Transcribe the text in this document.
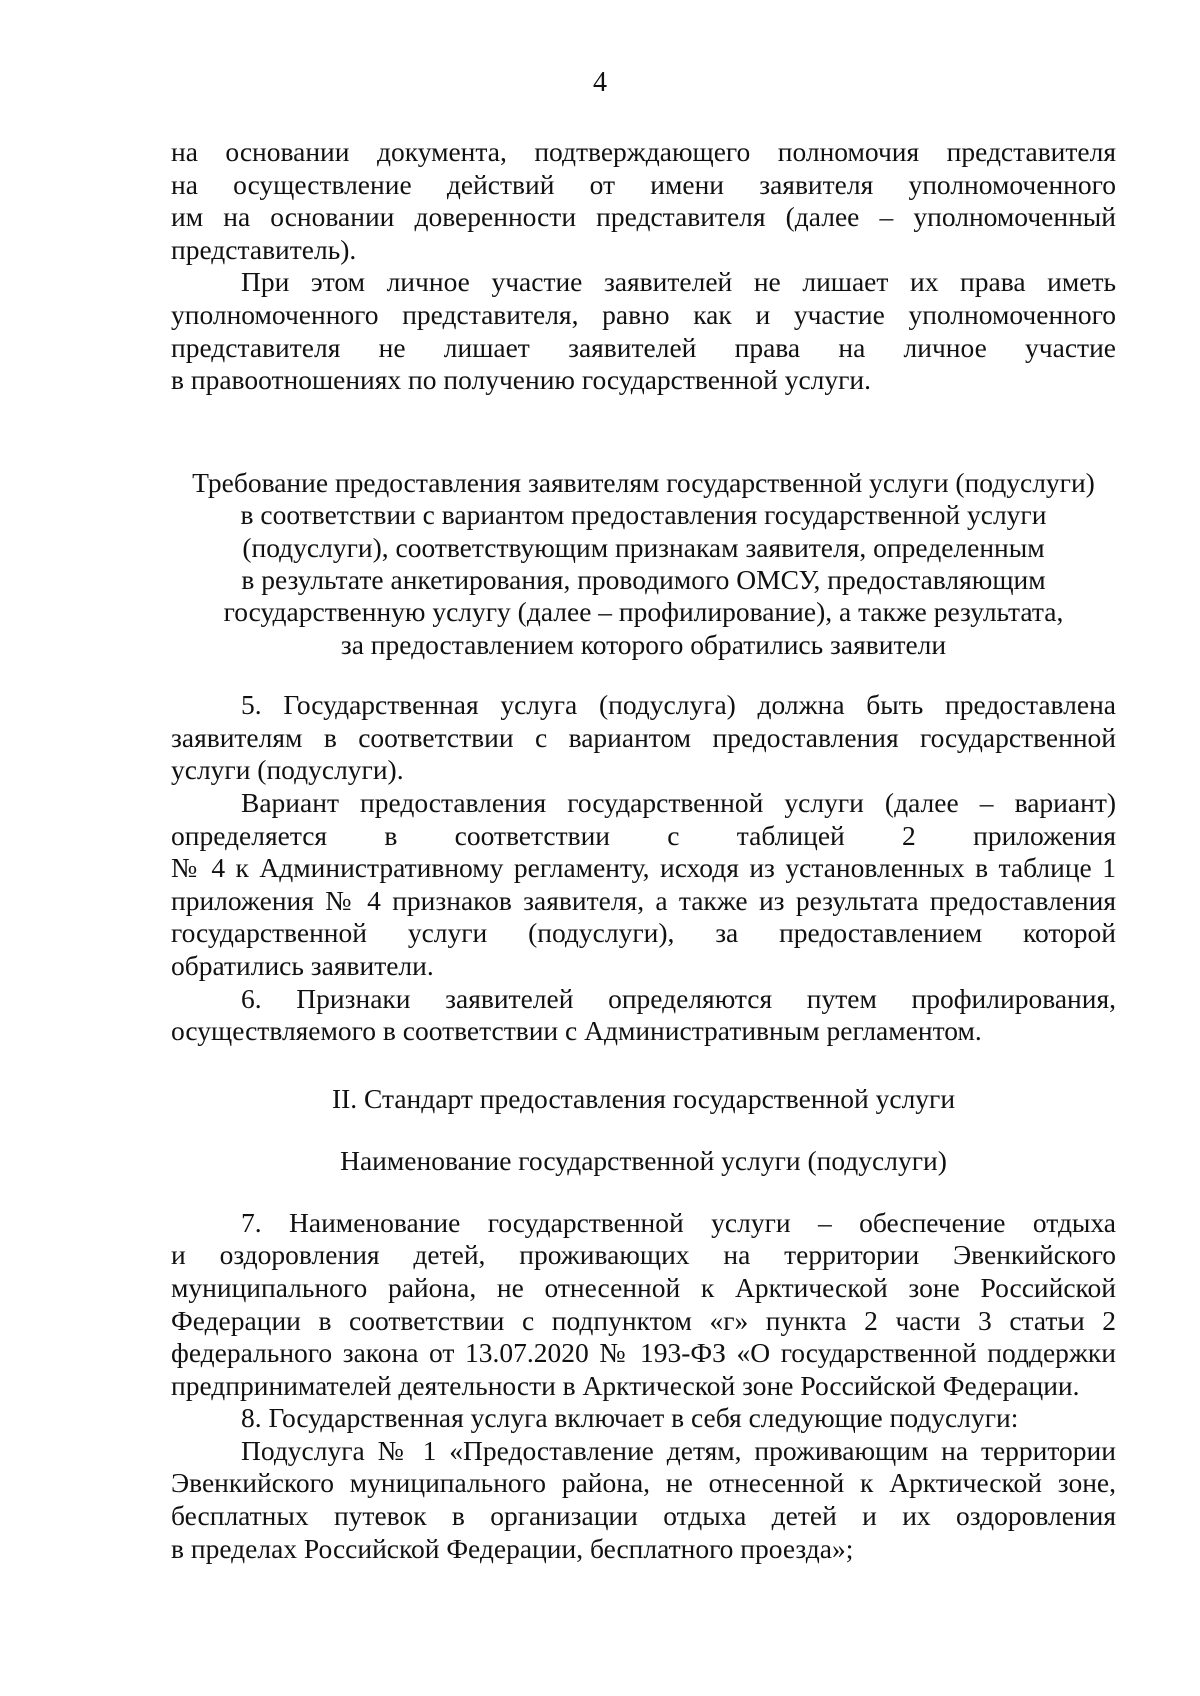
4
на основании документа, подтверждающего полномочия представителя
на осуществление действий от имени заявителя уполномоченного
им на основании доверенности представителя (далее – уполномоченный
представитель).
При этом личное участие заявителей не лишает их права иметь
уполномоченного представителя, равно как и участие уполномоченного
представителя не лишает заявителей права на личное участие
в правоотношениях по получению государственной услуги.
Требование предоставления заявителям государственной услуги (подуслуги)
в соответствии с вариантом предоставления государственной услуги
(подуслуги), соответствующим признакам заявителя, определенным
в результате анкетирования, проводимого ОМСУ, предоставляющим
государственную услугу (далее – профилирование), а также результата,
за предоставлением которого обратились заявители
5. Государственная услуга (подуслуга) должна быть предоставлена
заявителям в соответствии с вариантом предоставления государственной
услуги (подуслуги).
Вариант предоставления государственной услуги (далее – вариант)
определяется в соответствии с таблицей 2 приложения
№ 4 к Административному регламенту, исходя из установленных в таблице 1
приложения № 4 признаков заявителя, а также из результата предоставления
государственной услуги (подуслуги), за предоставлением которой
обратились заявители.
6. Признаки заявителей определяются путем профилирования,
осуществляемого в соответствии с Административным регламентом.
II. Стандарт предоставления государственной услуги
Наименование государственной услуги (подуслуги)
7. Наименование государственной услуги – обеспечение отдыха
и оздоровления детей, проживающих на территории Эвенкийского
муниципального района, не отнесенной к Арктической зоне Российской
Федерации в соответствии с подпунктом «г» пункта 2 части 3 статьи 2
федерального закона от 13.07.2020 № 193-ФЗ «О государственной поддержки
предпринимателей деятельности в Арктической зоне Российской Федерации.
8. Государственная услуга включает в себя следующие подуслуги:
Подуслуга № 1 «Предоставление детям, проживающим на территории
Эвенкийского муниципального района, не отнесенной к Арктической зоне,
бесплатных путевок в организации отдыха детей и их оздоровления
в пределах Российской Федерации, бесплатного проезда»;
